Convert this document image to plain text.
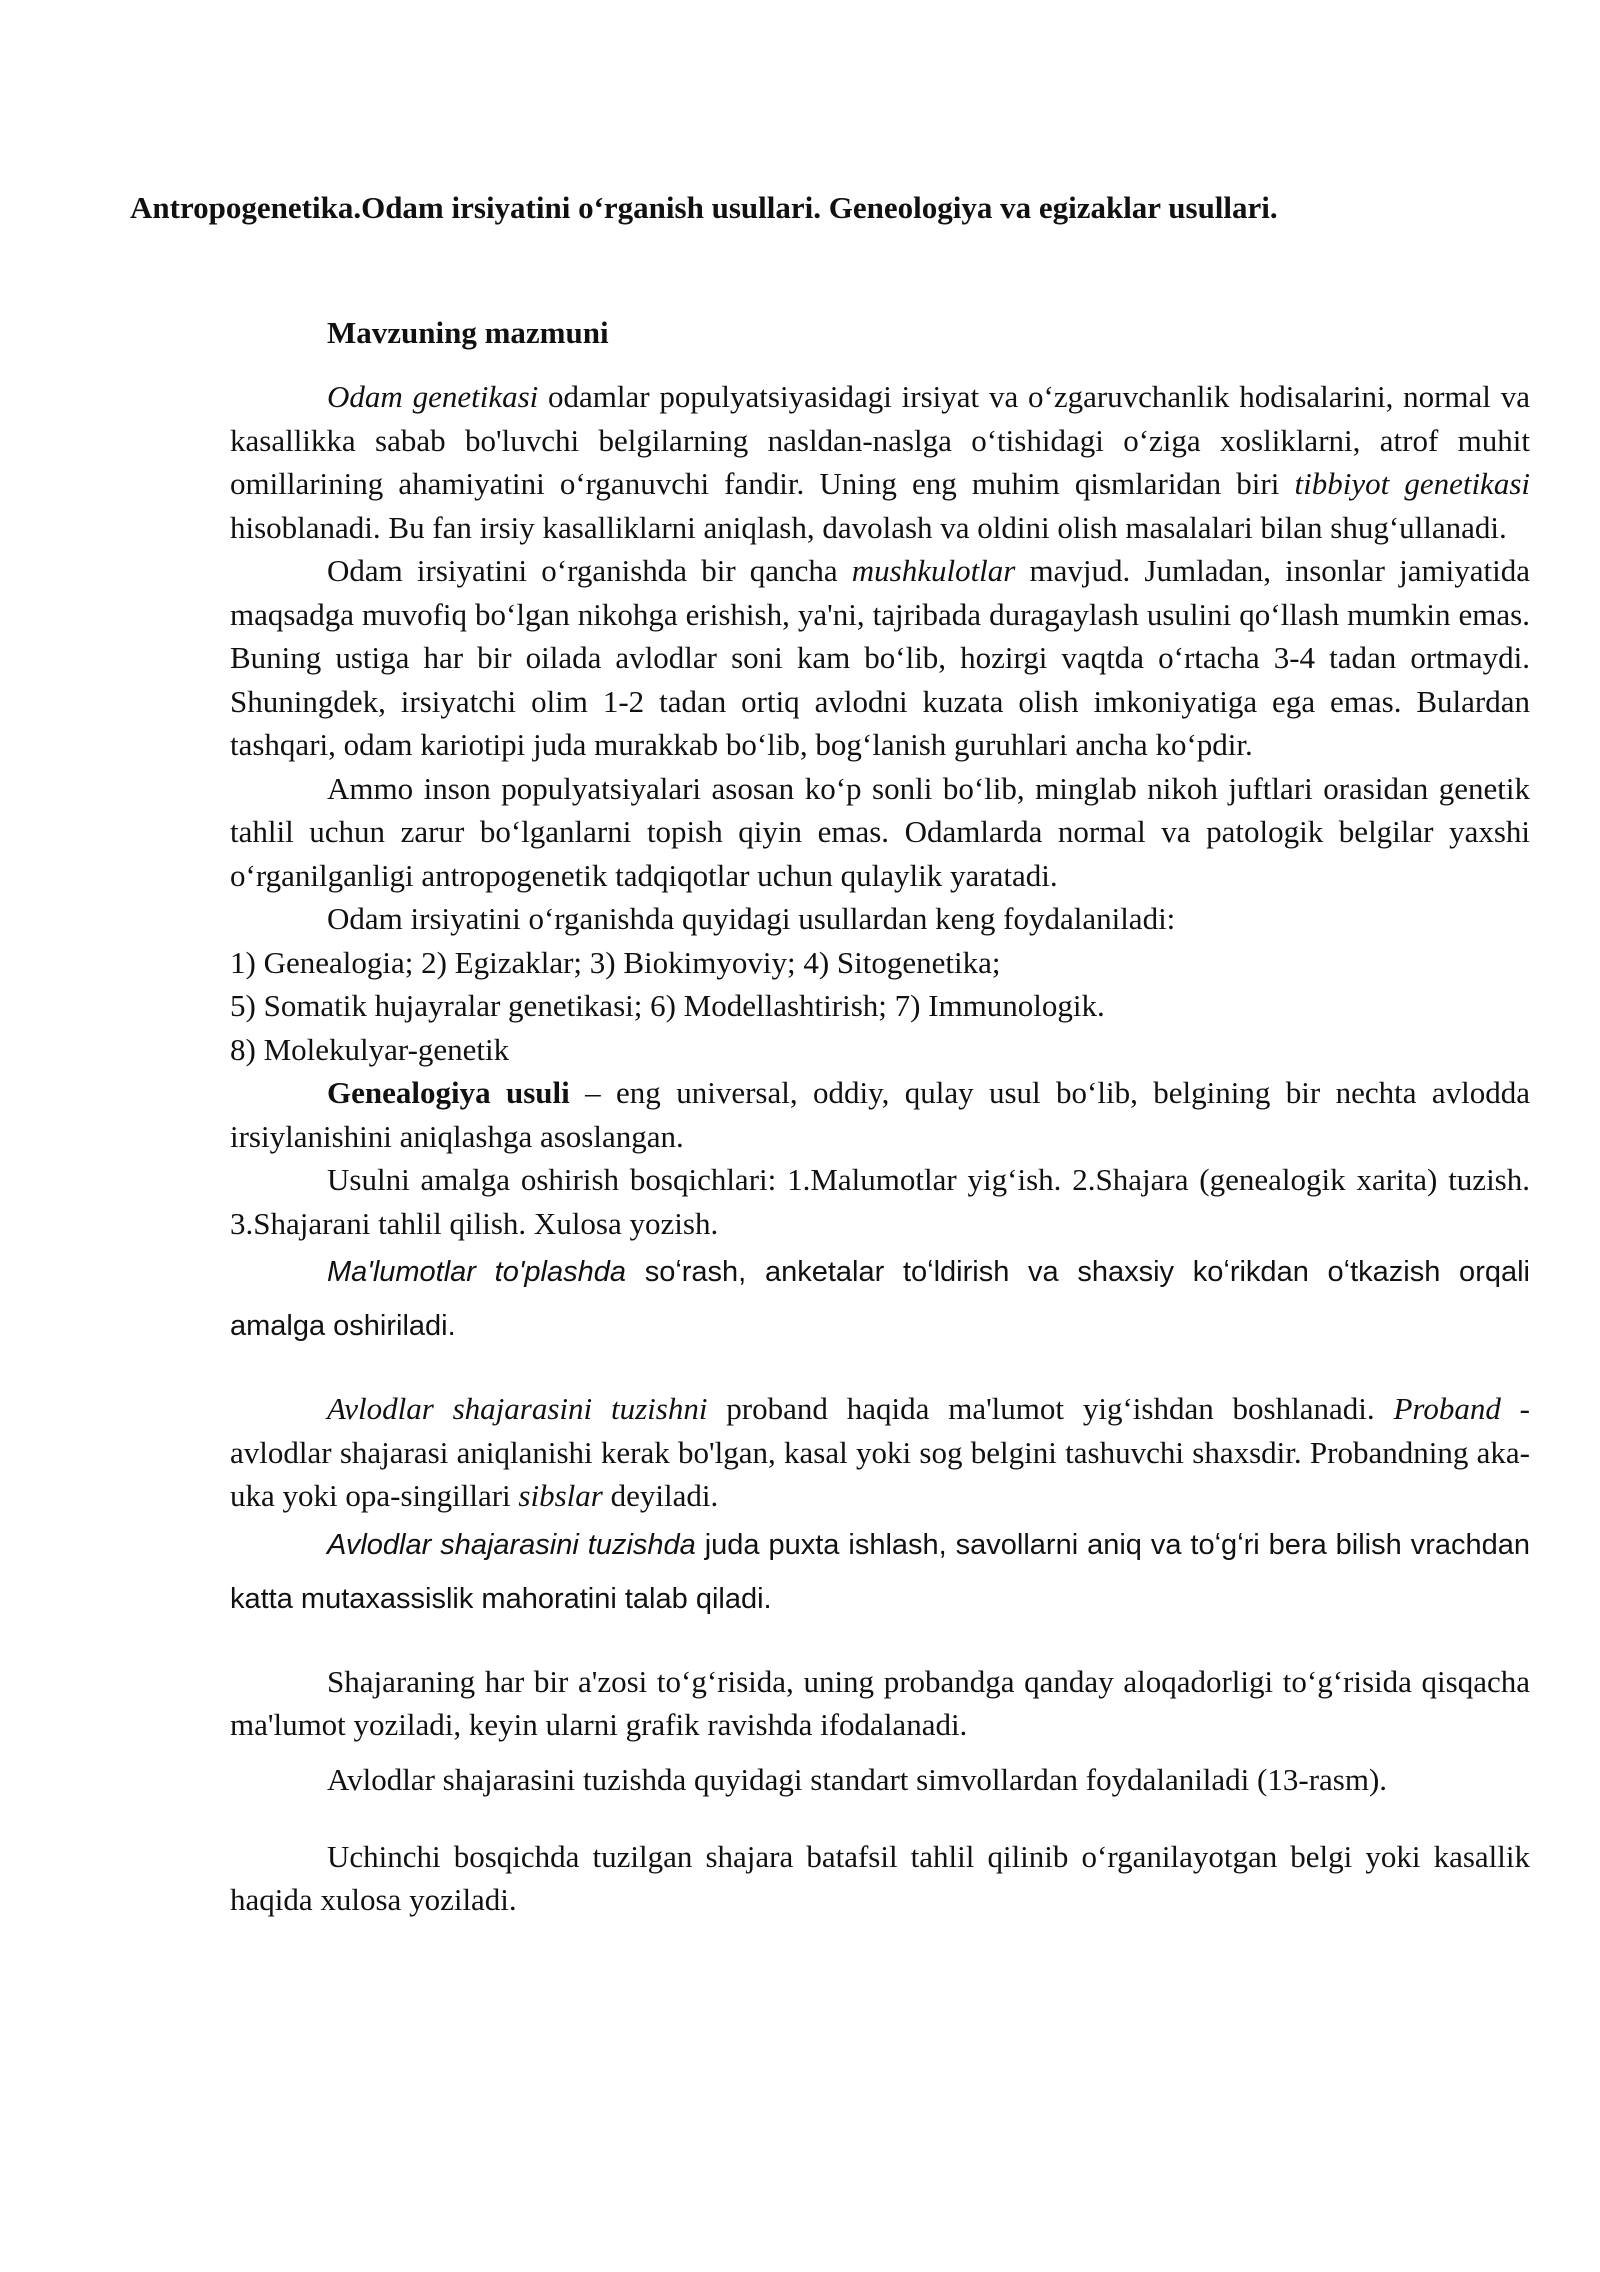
Antropogenetika.Odam irsiyatini o‘rganish usullari. Geneologiya va egizaklar usullari.
Mavzuning mazmuni

Odam genetikasi odamlar populyatsiyasidagi irsiyat va o‘zgaruvchanlik hodisalarini, normal va kasallikka sabab bo'luvchi belgilarning nasldan-naslga o‘tishidagi o‘ziga xosliklarni, atrof muhit omillarining ahamiyatini o‘rganuvchi fandir. Uning eng muhim qismlaridan biri tibbiyot genetikasi hisoblanadi. Bu fan irsiy kasalliklarni aniqlash, davolash va oldini olish masalalari bilan shug‘ullanadi.

Odam irsiyatini o‘rganishda bir qancha mushkulotlar mavjud. Jumladan, insonlar jamiyatida maqsadga muvofiq bo‘lgan nikohga erishish, ya'ni, tajribada duragaylash usulini qo‘llash mumkin emas. Buning ustiga har bir oilada avlodlar soni kam bo‘lib, hozirgi vaqtda o‘rtacha 3-4 tadan ortmaydi. Shuningdek, irsiyatchi olim 1-2 tadan ortiq avlodni kuzata olish imkoniyatiga ega emas. Bulardan tashqari, odam kariotipi juda murakkab bo‘lib, bog‘lanish guruhlari ancha ko‘pdir.

Ammo inson populyatsiyalari asosan ko‘p sonli bo‘lib, minglab nikoh juftlari orasidan genetik tahlil uchun zarur bo‘lganlarni topish qiyin emas. Odamlarda normal va patologik belgilar yaxshi o‘rganilganligi antropogenetik tadqiqotlar uchun qulaylik yaratadi.

Odam irsiyatini o‘rganishda quyidagi usullardan keng foydalaniladi:

1) Genealogia; 2) Egizaklar; 3) Biokimyoviy; 4) Sitogenetika;
5) Somatik hujayralar genetikasi; 6) Modellashtirish; 7) Immunologik.
8) Molekulyar-genetik

Genealogiya usuli – eng universal, oddiy, qulay usul bo‘lib, belgining bir nechta avlodda irsiylanishini aniqlashga asoslangan.

Usulni amalga oshirish bosqichlari: 1.Malumotlar yig‘ish. 2.Shajara (genealogik xarita) tuzish. 3.Shajarani tahlil qilish. Xulosa yozish.

Ma'lumotlar to'plashda soʻrash, anketalar toʻldirish va shaxsiy koʻrikdan oʻtkazish orqali amalga oshiriladi.

Avlodlar shajarasini tuzishni proband haqida ma'lumot yig‘ishdan boshlanadi. Proband - avlodlar shajarasi aniqlanishi kerak bo'lgan, kasal yoki sog belgini tashuvchi shaxsdir. Probandning aka-uka yoki opa-singillari sibslar deyiladi.

Avlodlar shajarasini tuzishda juda puxta ishlash, savollarni aniq va toʻgʻri bera bilish vrachdan katta mutaxassislik mahoratini talab qiladi.

Shajaraning har bir a'zosi to‘g‘risida, uning probandga qanday aloqadorligi to‘g‘risida qisqacha ma'lumot yoziladi, keyin ularni grafik ravishda ifodalanadi.

Avlodlar shajarasini tuzishda quyidagi standart simvollardan foydalaniladi (13-rasm).

Uchinchi bosqichda tuzilgan shajara batafsil tahlil qilinib o‘rganilayotgan belgi yoki kasallik haqida xulosa yoziladi.
